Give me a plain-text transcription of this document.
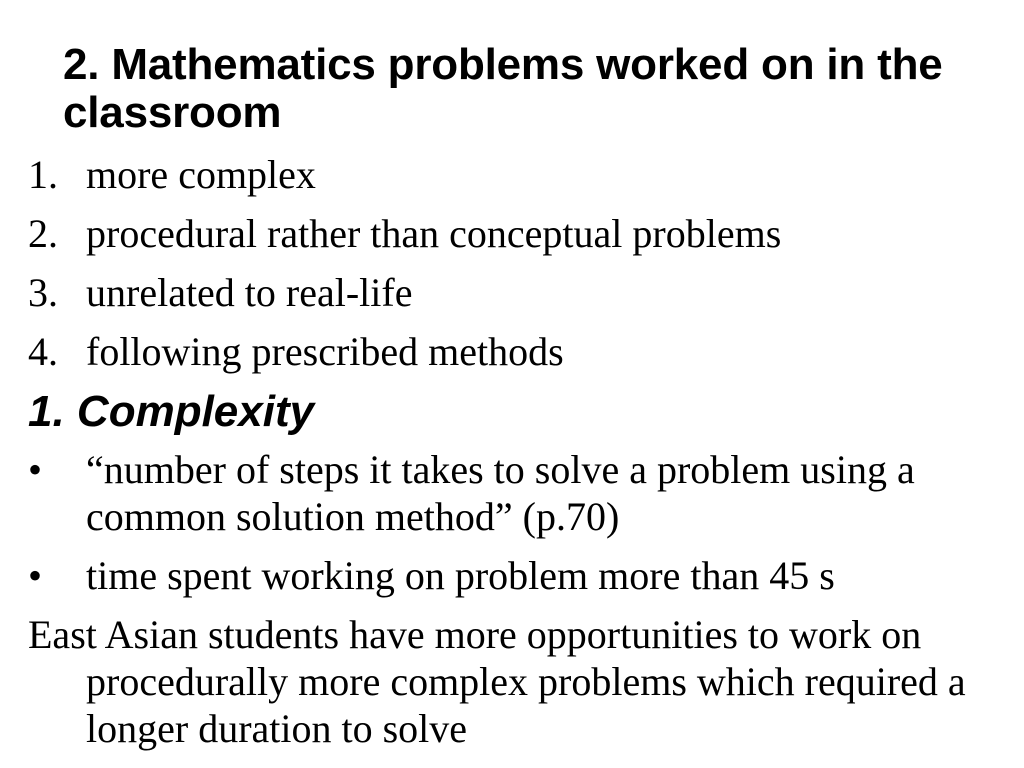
2. Mathematics problems worked on in the classroom
1. more complex
2. procedural rather than conceptual problems
3. unrelated to real-life
4. following prescribed methods
1. Complexity
• “number of steps it takes to solve a problem using a common solution method” (p.70)
• time spent working on problem more than 45 s
East Asian students have more opportunities to work on procedurally more complex problems which required a longer duration to solve
